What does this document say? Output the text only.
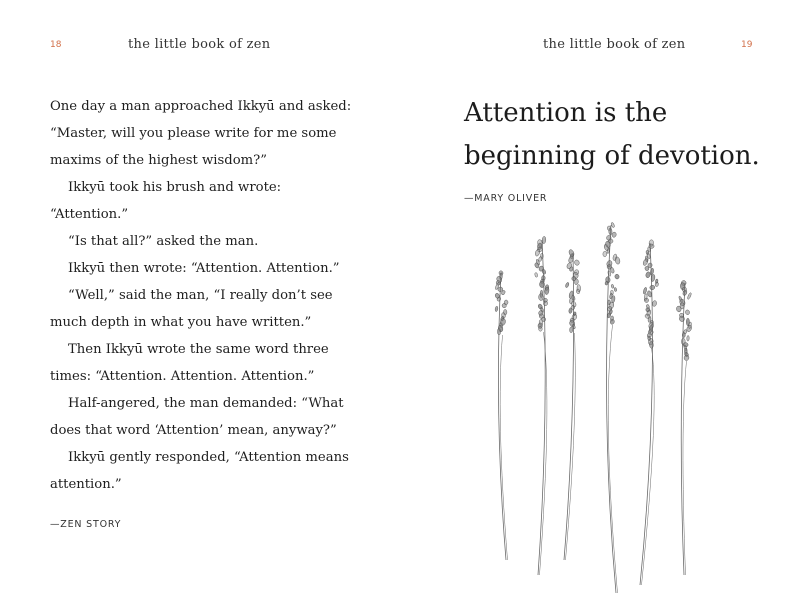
18	the little book of zen

One day a man approached Ikkyū and asked:

“Master, will you please write for me some

maxims of the highest wisdom?”

Ikkyū took his brush and wrote:

“Attention.”

“Is that all?” asked the man.

Ikkyū then wrote: “Attention. Attention.”

“Well,” said the man, “I really don’t see

much depth in what you have written.”

Then Ikkyū wrote the same word three

times: “Attention. Attention. Attention.”

Half-angered, the man demanded: “What

does that word ‘Attention’ mean, anyway?”

Ikkyū gently responded, “Attention means

attention.”

—ZEN STORY
the little book of zen	19
Attention is the
beginning of devotion.
—MARY OLIVER
